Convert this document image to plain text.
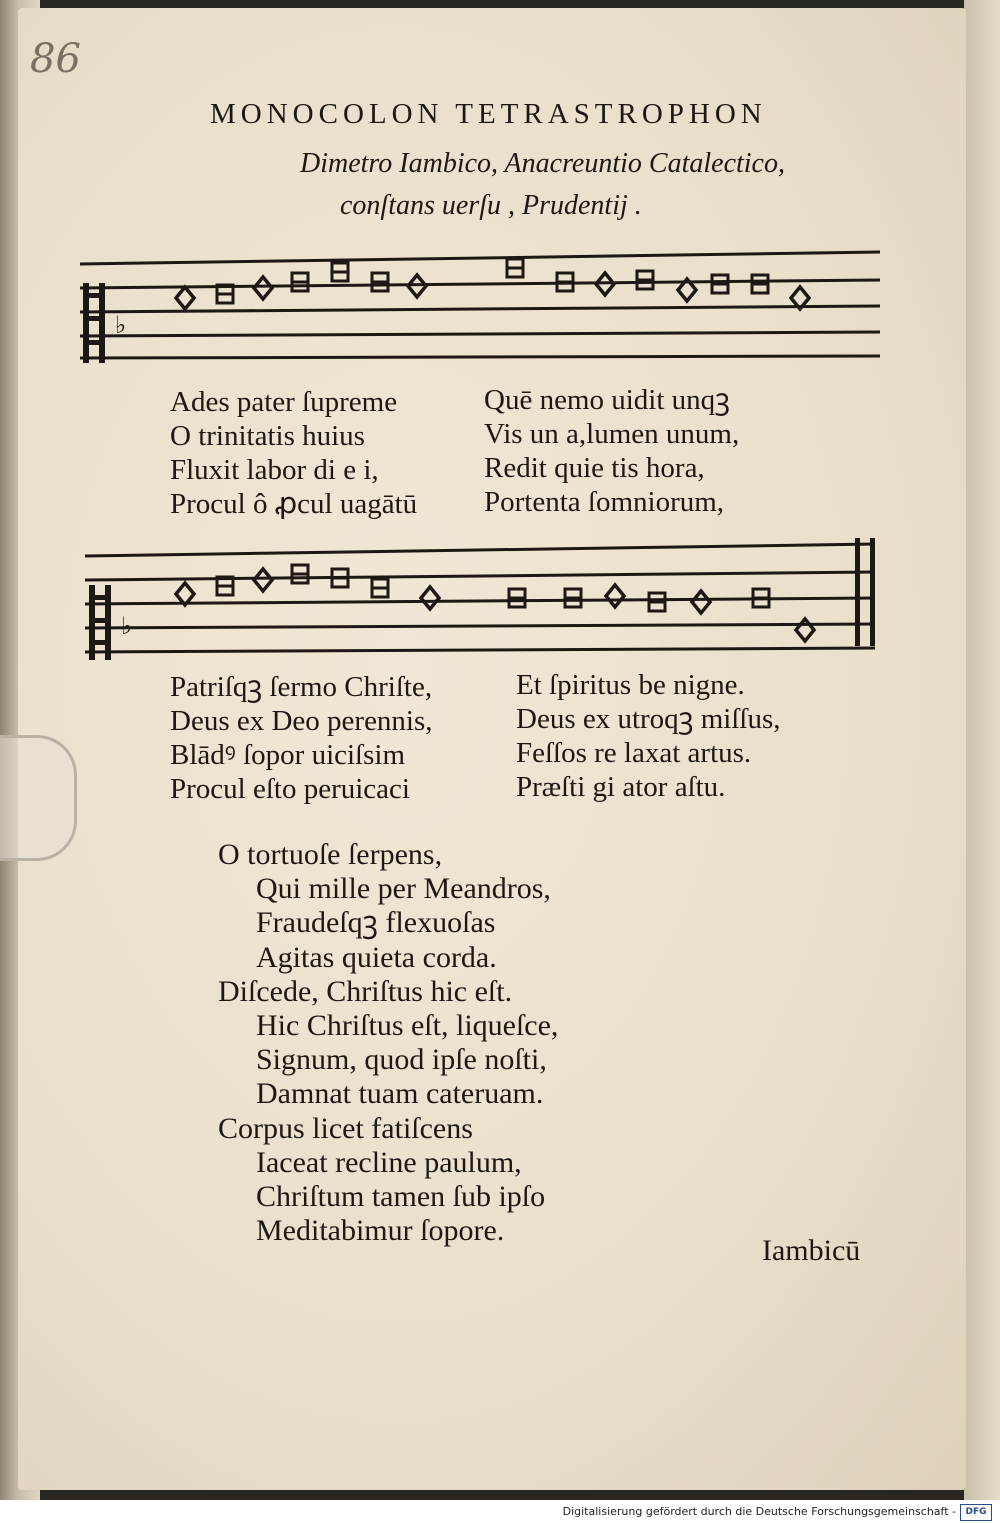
86
MONOCOLON TETRASTROPHON
Dimetro Iambico, Anacreuntio Catalectico,
conſtans uerſu , Prudentij .
♭
Ades pater ſupreme
O trinitatis huius
Fluxit labor di e i,
Procul ô ꝓcul uagātū
Quē nemo uidit unqꝫ
Vis un a,lumen unum,
Redit quie tis hora,
Portenta ſomniorum,
♭
Patriſqꝫ ſermo Chriſte,
Deus ex Deo perennis,
Blādꝰ ſopor uiciſsim
Procul eſto peruicaci
Et ſpiritus be nigne.
Deus ex utroqꝫ miſſus,
Feſſos re laxat artus.
Præſti gi ator aſtu.
O tortuoſe ſerpens,
Qui mille per Meandros,
Fraudeſqꝫ flexuoſas
Agitas quieta corda.
Diſcede, Chriſtus hic eſt.
Hic Chriſtus eſt, liqueſce,
Signum, quod ipſe noſti,
Damnat tuam cateruam.
Corpus licet fatiſcens
Iaceat recline paulum,
Chriſtum tamen ſub ipſo
Meditabimur ſopore.
Iambicū
Digitalisierung gefördert durch die Deutsche Forschungsgemeinschaft -	DFG
